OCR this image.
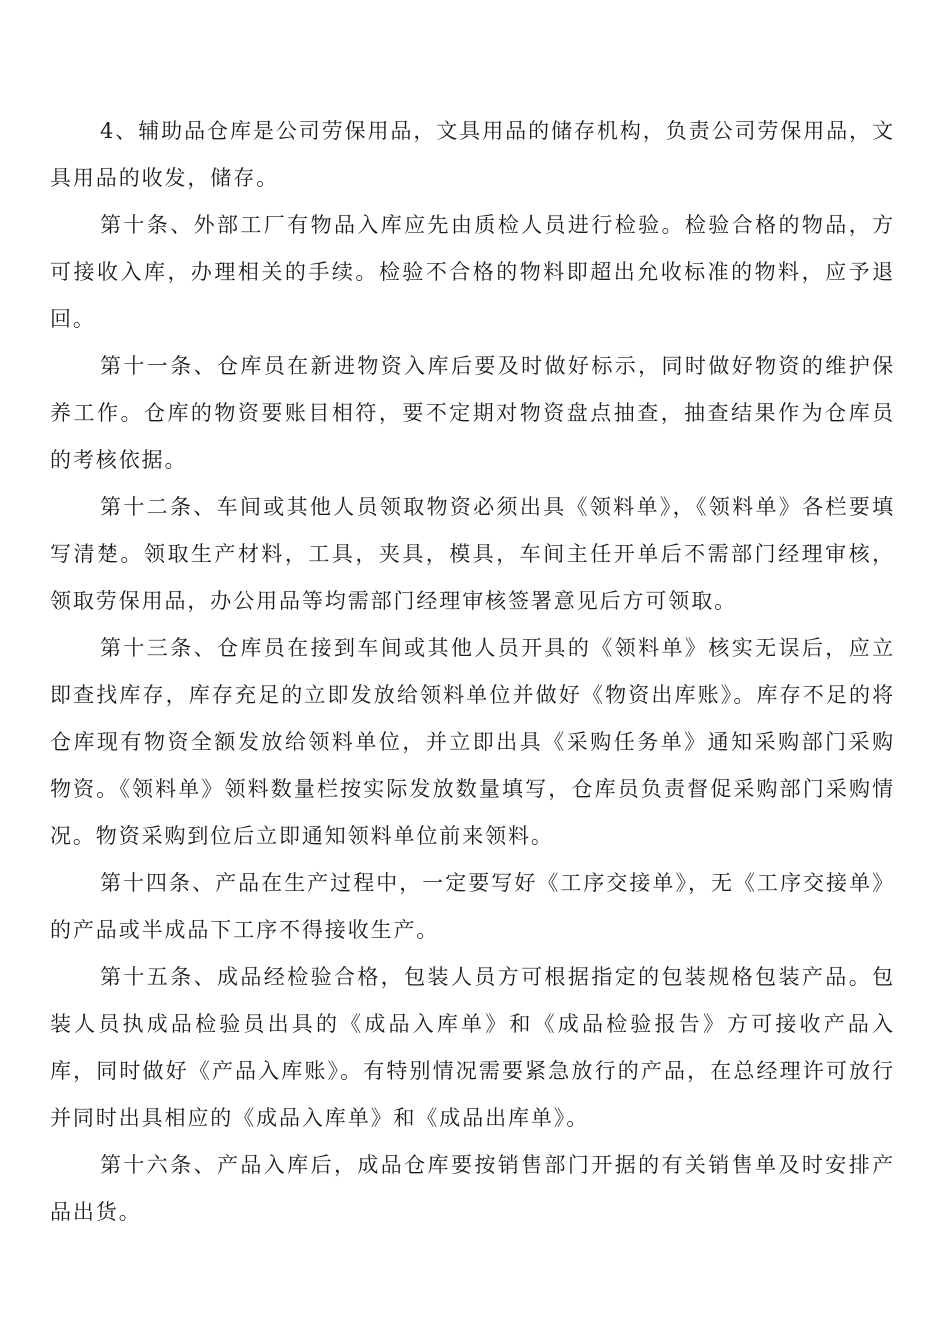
4、辅助品仓库是公司劳保用品，文具用品的储存机构，负责公司劳保用品，文具用品的收发，储存。

第十条、外部工厂有物品入库应先由质检人员进行检验。检验合格的物品，方可接收入库，办理相关的手续。检验不合格的物料即超出允收标准的物料，应予退回。

第十一条、仓库员在新进物资入库后要及时做好标示，同时做好物资的维护保养工作。仓库的物资要账目相符，要不定期对物资盘点抽查，抽查结果作为仓库员的考核依据。

第十二条、车间或其他人员领取物资必须出具《领料单》，《领料单》各栏要填写清楚。领取生产材料，工具，夹具，模具，车间主任开单后不需部门经理审核，领取劳保用品，办公用品等均需部门经理审核签署意见后方可领取。

第十三条、仓库员在接到车间或其他人员开具的《领料单》核实无误后，应立即查找库存，库存充足的立即发放给领料单位并做好《物资出库账》。库存不足的将仓库现有物资全额发放给领料单位，并立即出具《采购任务单》通知采购部门采购物资。《领料单》领料数量栏按实际发放数量填写，仓库员负责督促采购部门采购情况。物资采购到位后立即通知领料单位前来领料。

第十四条、产品在生产过程中，一定要写好《工序交接单》，无《工序交接单》的产品或半成品下工序不得接收生产。

第十五条、成品经检验合格，包装人员方可根据指定的包装规格包装产品。包装人员执成品检验员出具的《成品入库单》和《成品检验报告》方可接收产品入库，同时做好《产品入库账》。有特别情况需要紧急放行的产品，在总经理许可放行并同时出具相应的《成品入库单》和《成品出库单》。

第十六条、产品入库后，成品仓库要按销售部门开据的有关销售单及时安排产品出货。
